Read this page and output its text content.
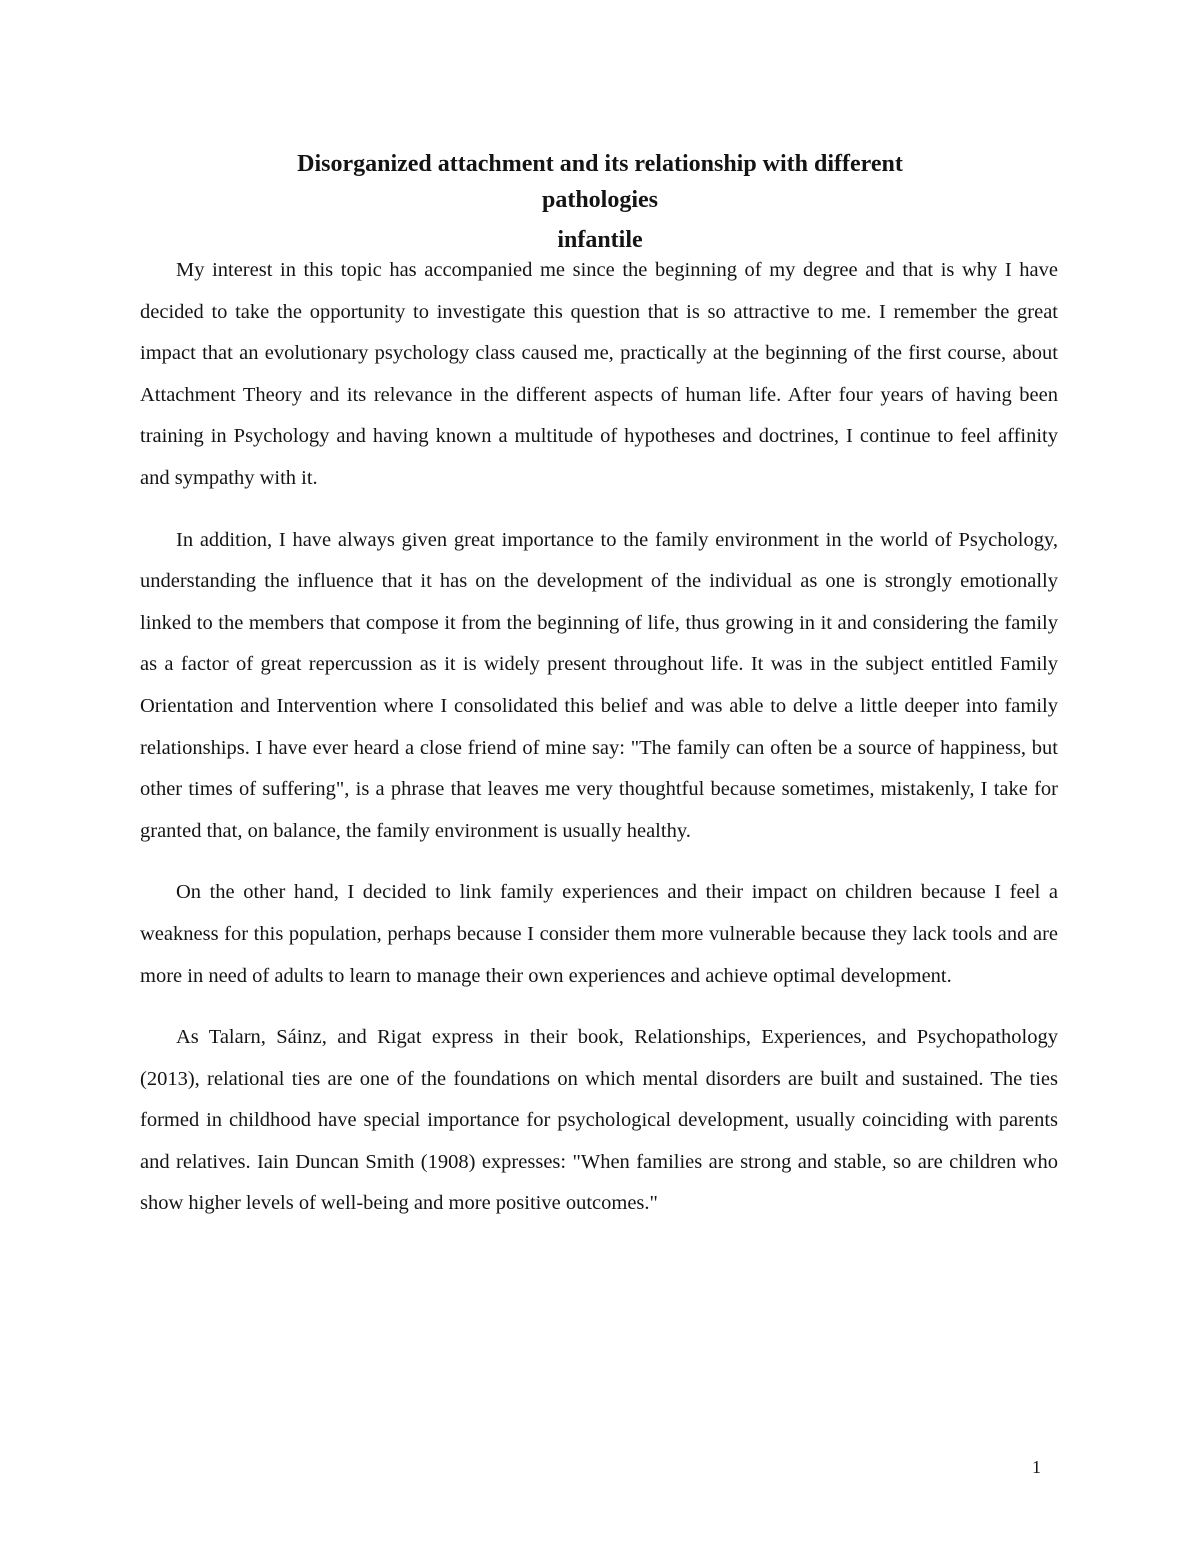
Disorganized attachment and its relationship with different
pathologies
infantile

My interest in this topic has accompanied me since the beginning of my degree and that is why I have decided to take the opportunity to investigate this question that is so attractive to me. I remember the great impact that an evolutionary psychology class caused me, practically at the beginning of the first course, about Attachment Theory and its relevance in the different aspects of human life. After four years of having been training in Psychology and having known a multitude of hypotheses and doctrines, I continue to feel affinity and sympathy with it.

In addition, I have always given great importance to the family environment in the world of Psychology, understanding the influence that it has on the development of the individual as one is strongly emotionally linked to the members that compose it from the beginning of life, thus growing in it and considering the family as a factor of great repercussion as it is widely present throughout life. It was in the subject entitled Family Orientation and Intervention where I consolidated this belief and was able to delve a little deeper into family relationships. I have ever heard a close friend of mine say: "The family can often be a source of happiness, but other times of suffering", is a phrase that leaves me very thoughtful because sometimes, mistakenly, I take for granted that, on balance, the family environment is usually healthy.

On the other hand, I decided to link family experiences and their impact on children because I feel a weakness for this population, perhaps because I consider them more vulnerable because they lack tools and are more in need of adults to learn to manage their own experiences and achieve optimal development.

As Talarn, Sáinz, and Rigat express in their book, Relationships, Experiences, and Psychopathology (2013), relational ties are one of the foundations on which mental disorders are built and sustained. The ties formed in childhood have special importance for psychological development, usually coinciding with parents and relatives. Iain Duncan Smith (1908) expresses: "When families are strong and stable, so are children who show higher levels of well-being and more positive outcomes."

1
